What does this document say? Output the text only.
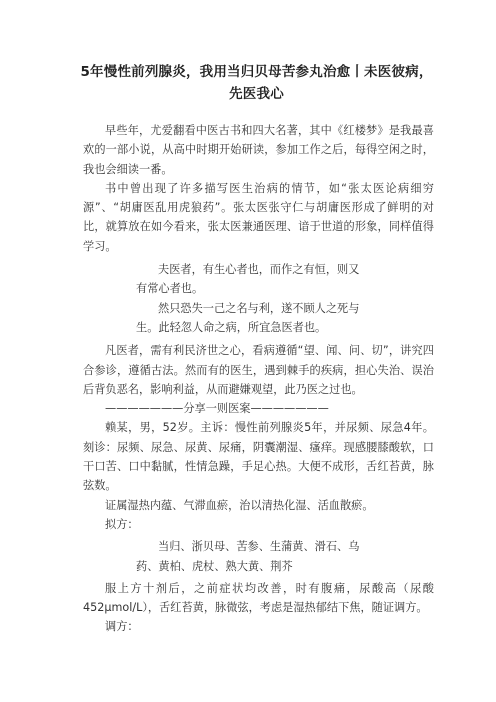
5年慢性前列腺炎，我用当归贝母苦参丸治愈丨未医彼病，先医我心

早些年，尤爱翻看中医古书和四大名著，其中《红楼梦》是我最喜欢的一部小说，从高中时期开始研读，参加工作之后，每得空闲之时，我也会细读一番。

书中曾出现了许多描写医生治病的情节，如“张太医论病细穷源”、“胡庸医乱用虎狼药”。张太医张守仁与胡庸医形成了鲜明的对比，就算放在如今看来，张太医兼通医理、谙于世道的形象，同样值得学习。

夫医者，有生心者也，而作之有恒，则又

有常心者也。

然只恐失一己之名与利，遂不顾人之死与

生。此轻忽人命之病，所宜急医者也。

凡医者，需有利民济世之心，看病遵循“望、闻、问、切”，讲究四合参诊，遵循古法。然而有的医生，遇到棘手的疾病，担心失治、误治后背负恶名，影响利益，从而避嫌观望，此乃医之过也。

———————分享一则医案———————

赖某，男，52岁。主诉：慢性前列腺炎5年，并尿频、尿急4年。刻诊：尿频、尿急、尿黄、尿痛，阴囊潮湿、瘙痒。现感腰膝酸软，口干口苦、口中黏腻，性情急躁，手足心热。大便不成形，舌红苔黄，脉弦数。

证属湿热内蕴、气滞血瘀，治以清热化湿、活血散瘀。

拟方：

当归、浙贝母、苦参、生蒲黄、滑石、乌

药、黄柏、虎杖、熟大黄、荆芥

服上方十剂后，之前症状均改善，时有腹痛，尿酸高（尿酸452μmol/L），舌红苔黄，脉微弦，考虑是湿热郁结下焦，随证调方。

调方：
